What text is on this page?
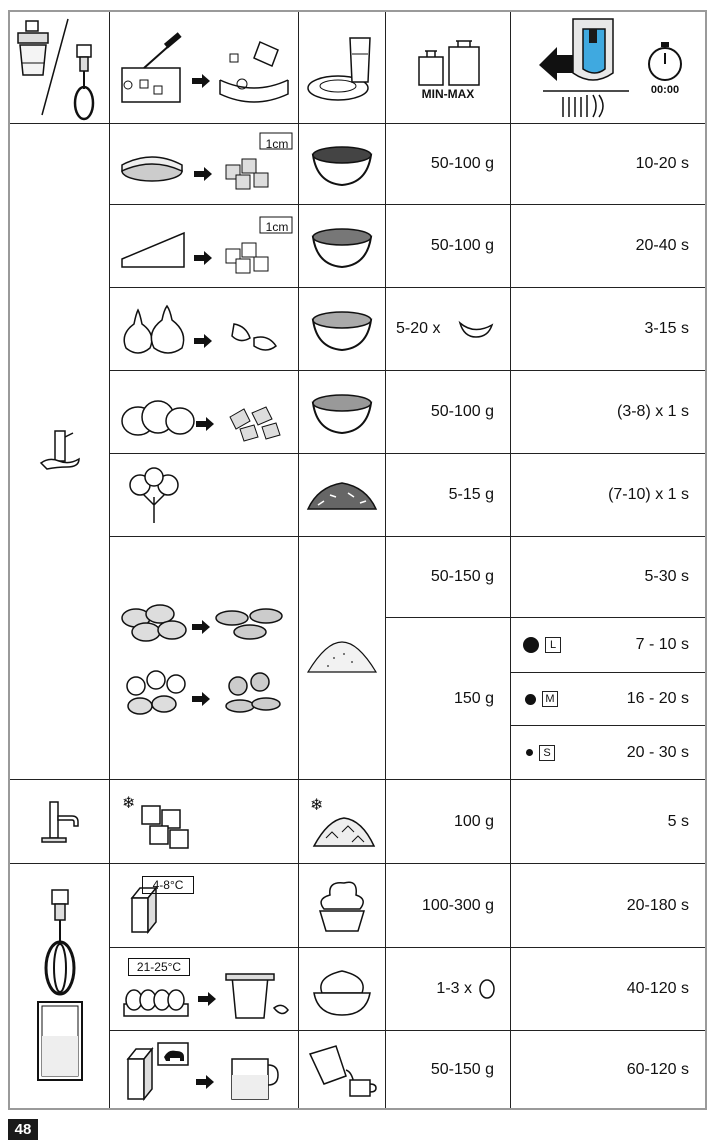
MIN-MAX	00:00
1cm
50-100 g	10-20 s
1cm
50-100 g	20-40 s
5-20 x	3-15 s
50-100 g	(3-8) x 1 s
5-15 g	(7-10) x 1 s
50-150 g	5-30 s
150 g
L	7 - 10 s
M	16 - 20 s
S	20 - 30 s
❄	❄
100 g	5 s
4-8°C
100-300 g	20-180 s
21-25°C
1-3 x	40-120 s
50-150 g	60-120 s
48
